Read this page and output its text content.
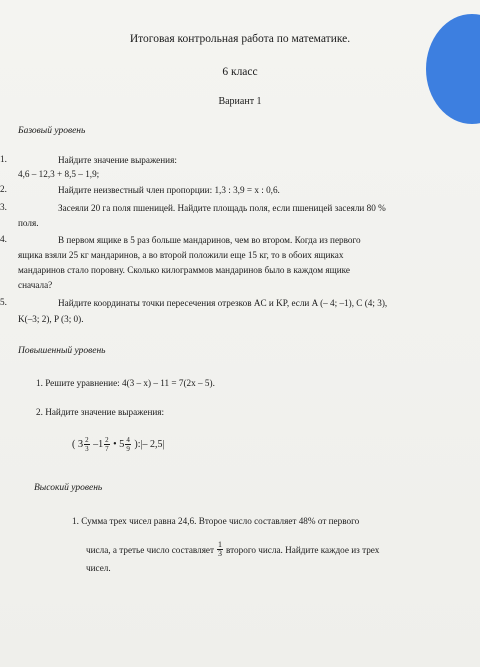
Итоговая контрольная работа по математике.
6 класс
Вариант 1
Базовый уровень
1.	Найдите значение выражения:
4,6 – 12,3 + 8,5 – 1,9;
2.	Найдите неизвестный член пропорции: 1,3 : 3,9 = x : 0,6.
3.	Засеяли 20 га поля пшеницей. Найдите площадь поля, если пшеницей засеяли 80 %
поля.
4.	В первом ящике в 5 раз больше мандаринов, чем во втором. Когда из первого
ящика взяли 25 кг мандаринов, а во второй положили еще 15 кг, то в обоих ящиках
мандаринов стало поровну. Сколько килограммов мандаринов было в каждом ящике
сначала?
5.	Найдите координаты точки пересечения отрезков AC и KP, если A (– 4; –1), C (4; 3),
K(–3; 2), P (3; 0).
Повышенный уровень
1. Решите уравнение: 4(3 – x) – 11 = 7(2x – 5).
2. Найдите значение выражения:
( $3 \frac{2}{3} -1 \frac{2}{7}$ • $5 \frac{4}{9}$ ):|– 2,5|
Высокий уровень
1. Сумма трех чисел равна 24,6. Второе число составляет 48% от первого
числа, а третье число составляет $\frac{1}{3}$ второго числа. Найдите каждое из трех
чисел.
